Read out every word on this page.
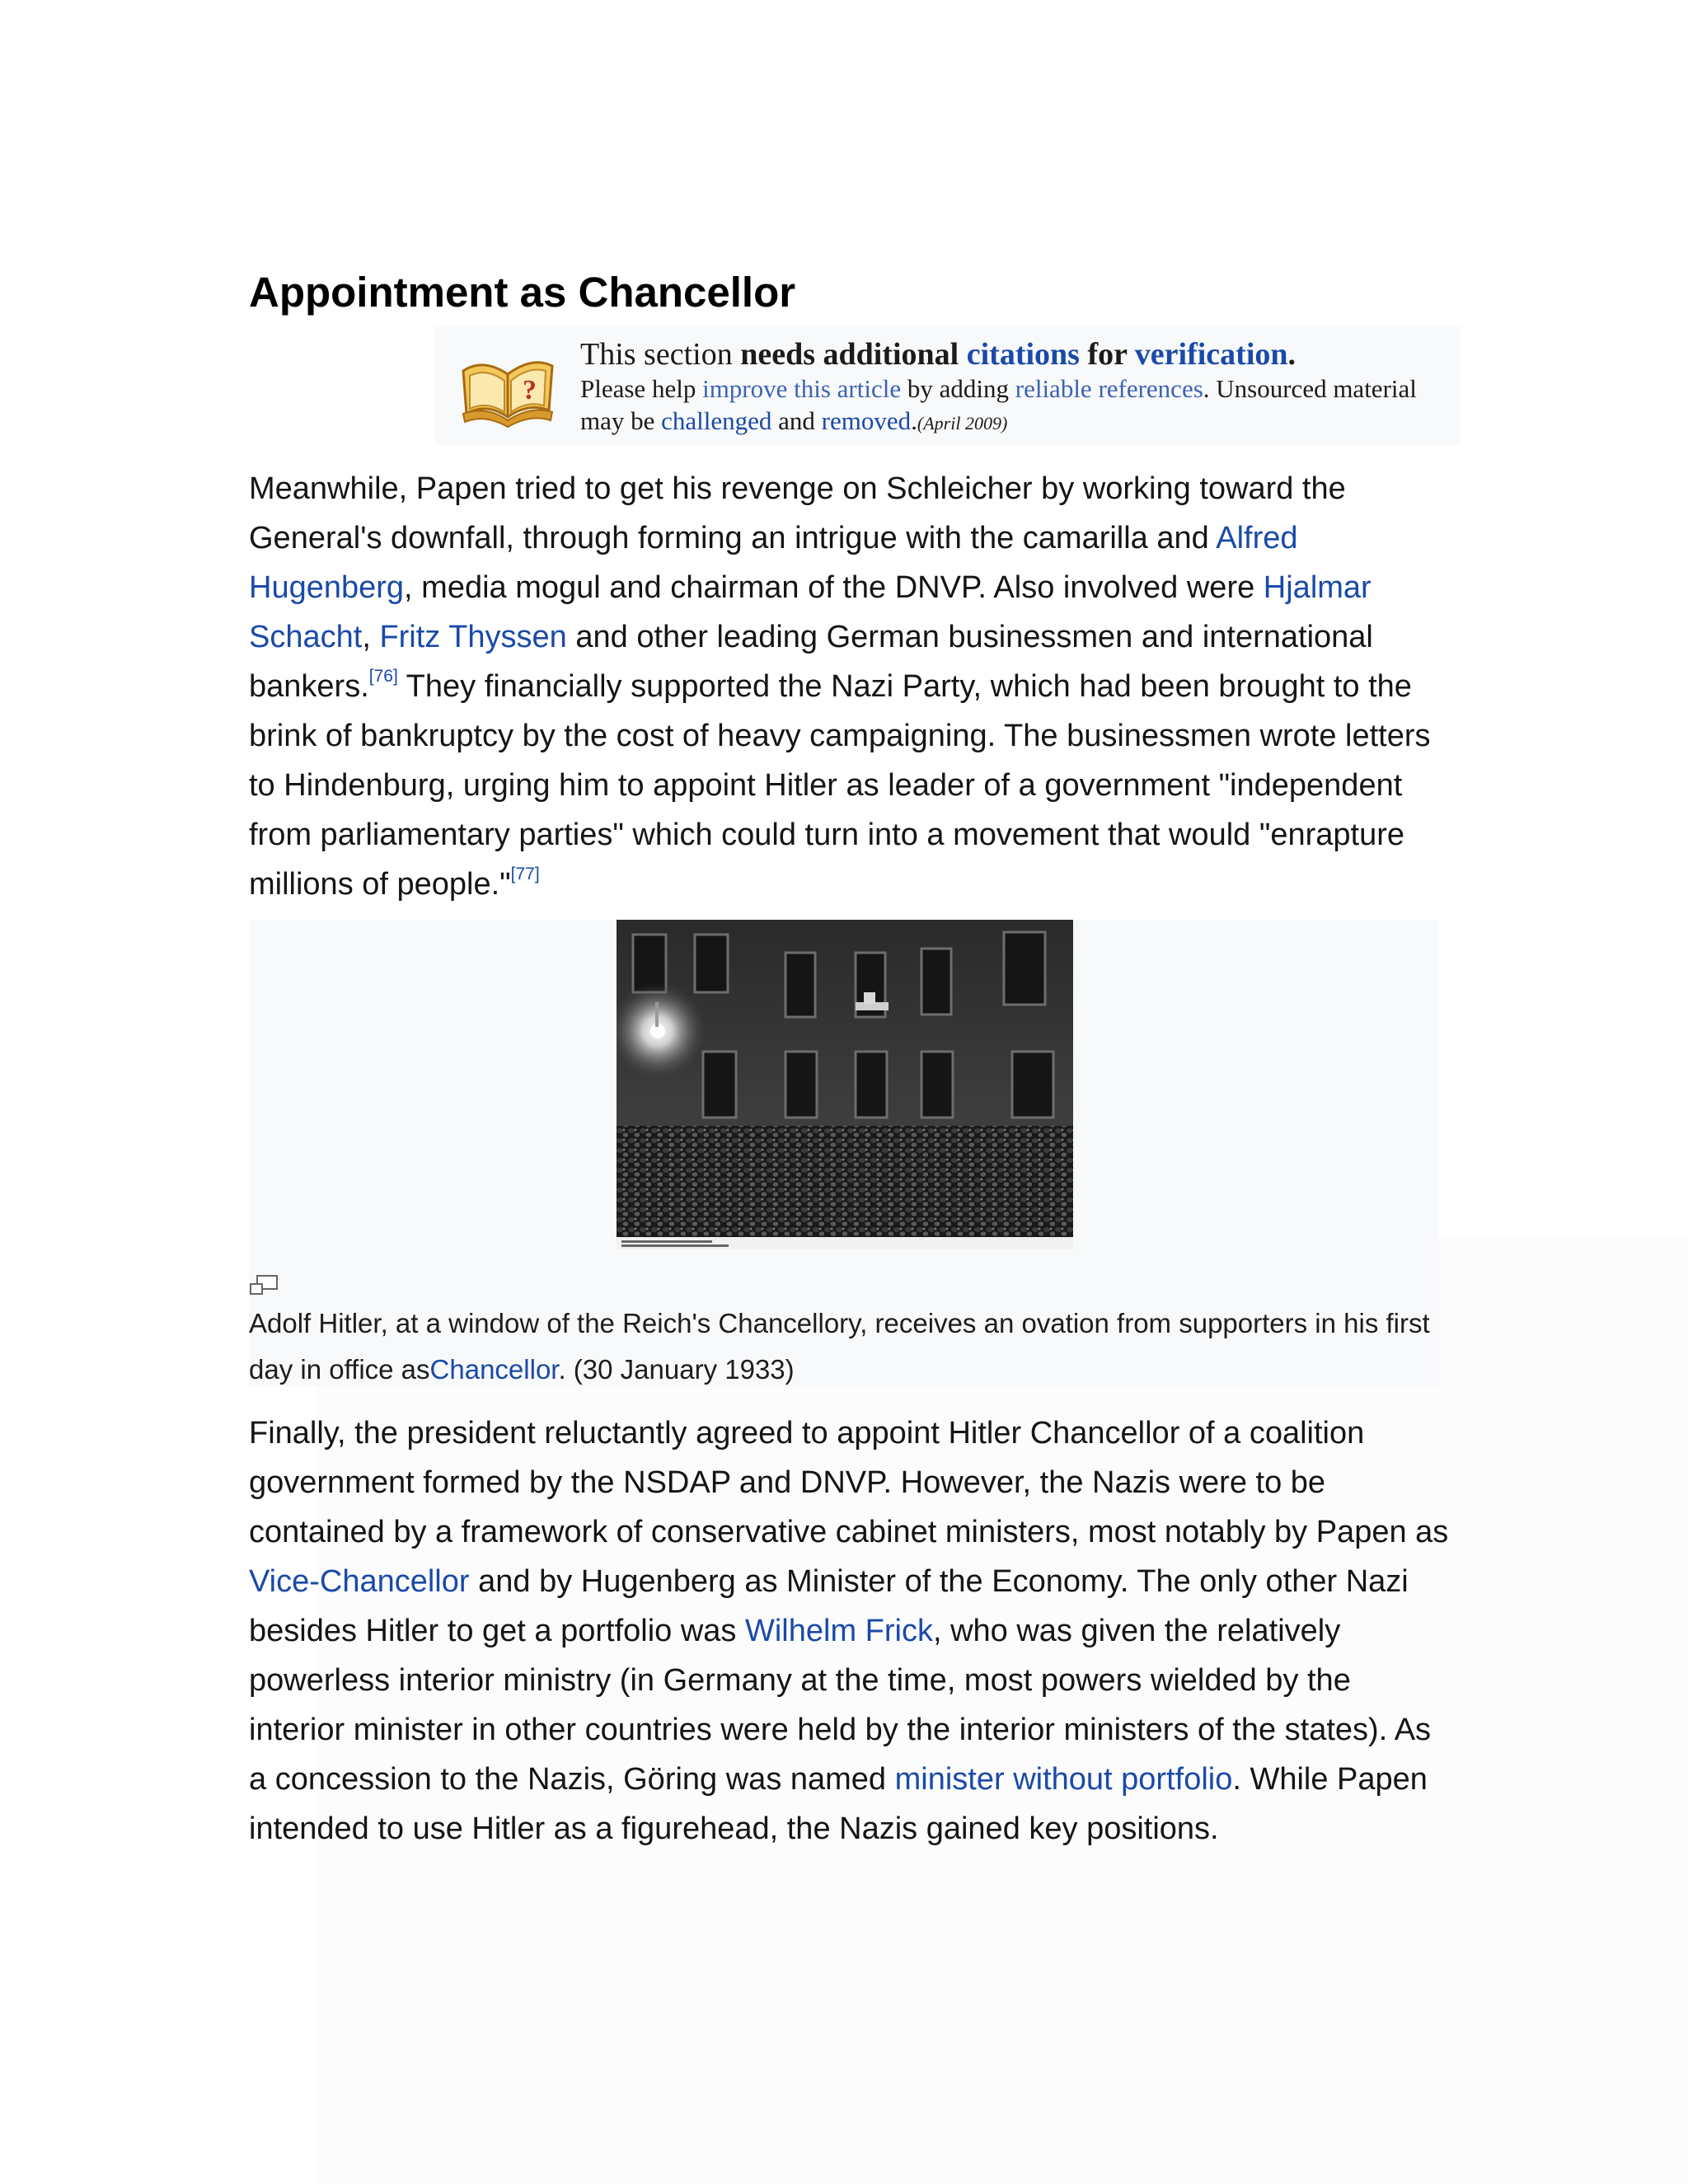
Appointment as Chancellor
?
This section needs additional citations for verification.
Please help improve this article by adding reliable references. Unsourced material may be challenged and removed.(April 2009)

Meanwhile, Papen tried to get his revenge on Schleicher by working toward the General's downfall, through forming an intrigue with the camarilla and Alfred Hugenberg, media mogul and chairman of the DNVP. Also involved were Hjalmar Schacht, Fritz Thyssen and other leading German businessmen and international bankers.[76] They financially supported the Nazi Party, which had been brought to the brink of bankruptcy by the cost of heavy campaigning. The businessmen wrote letters to Hindenburg, urging him to appoint Hitler as leader of a government "independent from parliamentary parties" which could turn into a movement that would "enrapture millions of people."[77]

Adolf Hitler, at a window of the Reich's Chancellory, receives an ovation from supporters in his first day in office asChancellor. (30 January 1933)

Finally, the president reluctantly agreed to appoint Hitler Chancellor of a coalition government formed by the NSDAP and DNVP. However, the Nazis were to be contained by a framework of conservative cabinet ministers, most notably by Papen as Vice-Chancellor and by Hugenberg as Minister of the Economy. The only other Nazi besides Hitler to get a portfolio was Wilhelm Frick, who was given the relatively powerless interior ministry (in Germany at the time, most powers wielded by the interior minister in other countries were held by the interior ministers of the states). As a concession to the Nazis, Göring was named minister without portfolio. While Papen intended to use Hitler as a figurehead, the Nazis gained key positions.
